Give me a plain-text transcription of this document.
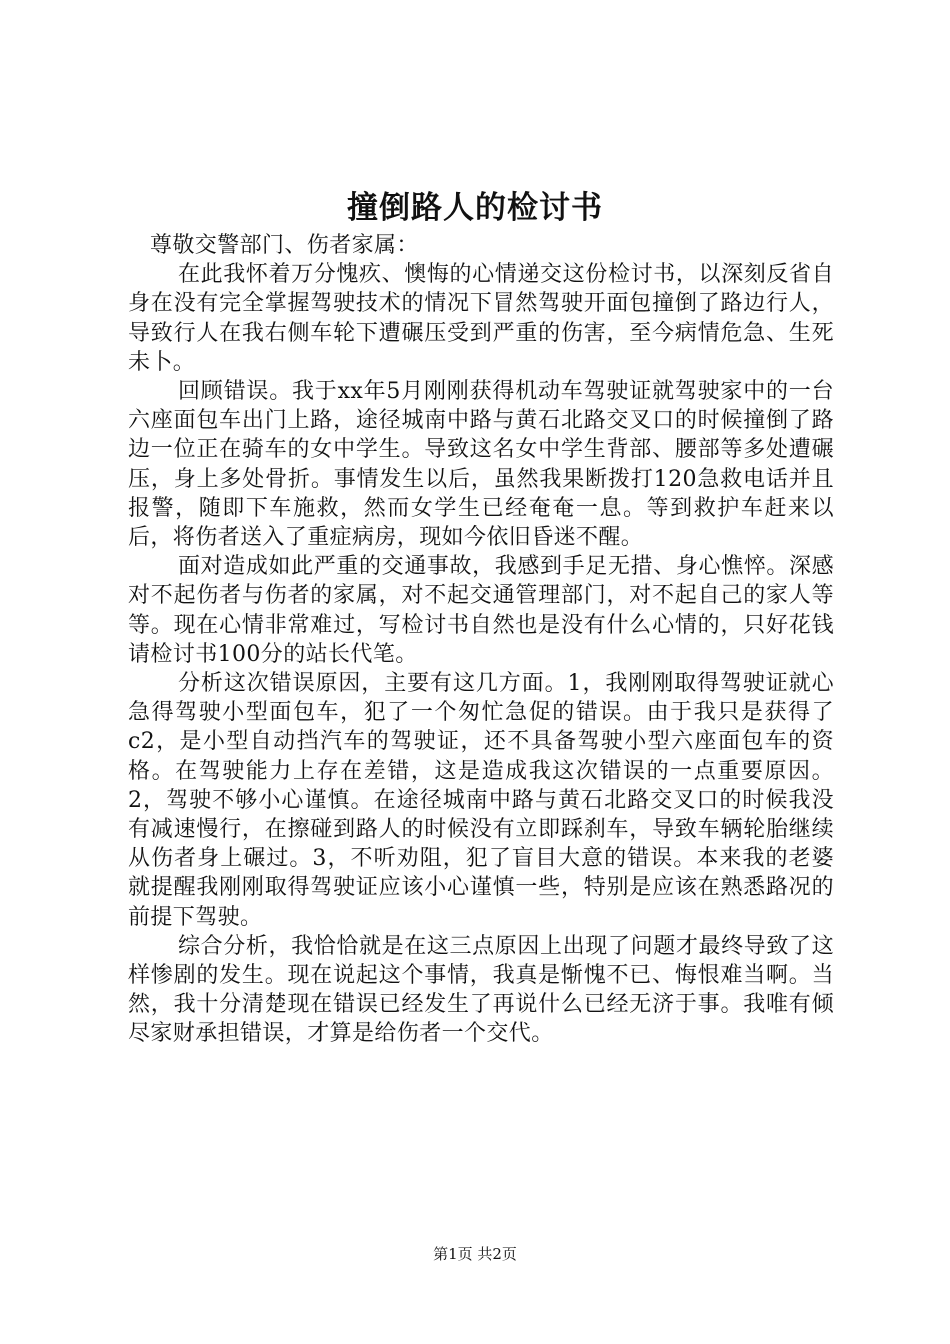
撞倒路人的检讨书

尊敬交警部门、伤者家属：

在此我怀着万分愧疚、懊悔的心情递交这份检讨书，以深刻反省自身在没有完全掌握驾驶技术的情况下冒然驾驶开面包撞倒了路边行人，导致行人在我右侧车轮下遭碾压受到严重的伤害，至今病情危急、生死未卜。

回顾错误。我于xx年5月刚刚获得机动车驾驶证就驾驶家中的一台六座面包车出门上路，途径城南中路与黄石北路交叉口的时候撞倒了路边一位正在骑车的女中学生。导致这名女中学生背部、腰部等多处遭碾压，身上多处骨折。事情发生以后，虽然我果断拨打120急救电话并且报警，随即下车施救，然而女学生已经奄奄一息。等到救护车赶来以后，将伤者送入了重症病房，现如今依旧昏迷不醒。

面对造成如此严重的交通事故，我感到手足无措、身心憔悴。深感对不起伤者与伤者的家属，对不起交通管理部门，对不起自己的家人等等。现在心情非常难过，写检讨书自然也是没有什么心情的，只好花钱请检讨书100分的站长代笔。

分析这次错误原因，主要有这几方面。1，我刚刚取得驾驶证就心急得驾驶小型面包车，犯了一个匆忙急促的错误。由于我只是获得了c2，是小型自动挡汽车的驾驶证，还不具备驾驶小型六座面包车的资格。在驾驶能力上存在差错，这是造成我这次错误的一点重要原因。2，驾驶不够小心谨慎。在途径城南中路与黄石北路交叉口的时候我没有减速慢行，在擦碰到路人的时候没有立即踩刹车，导致车辆轮胎继续从伤者身上碾过。3，不听劝阻，犯了盲目大意的错误。本来我的老婆就提醒我刚刚取得驾驶证应该小心谨慎一些，特别是应该在熟悉路况的前提下驾驶。

综合分析，我恰恰就是在这三点原因上出现了问题才最终导致了这样惨剧的发生。现在说起这个事情，我真是惭愧不已、悔恨难当啊。当然，我十分清楚现在错误已经发生了再说什么已经无济于事。我唯有倾尽家财承担错误，才算是给伤者一个交代。

第1页 共2页
